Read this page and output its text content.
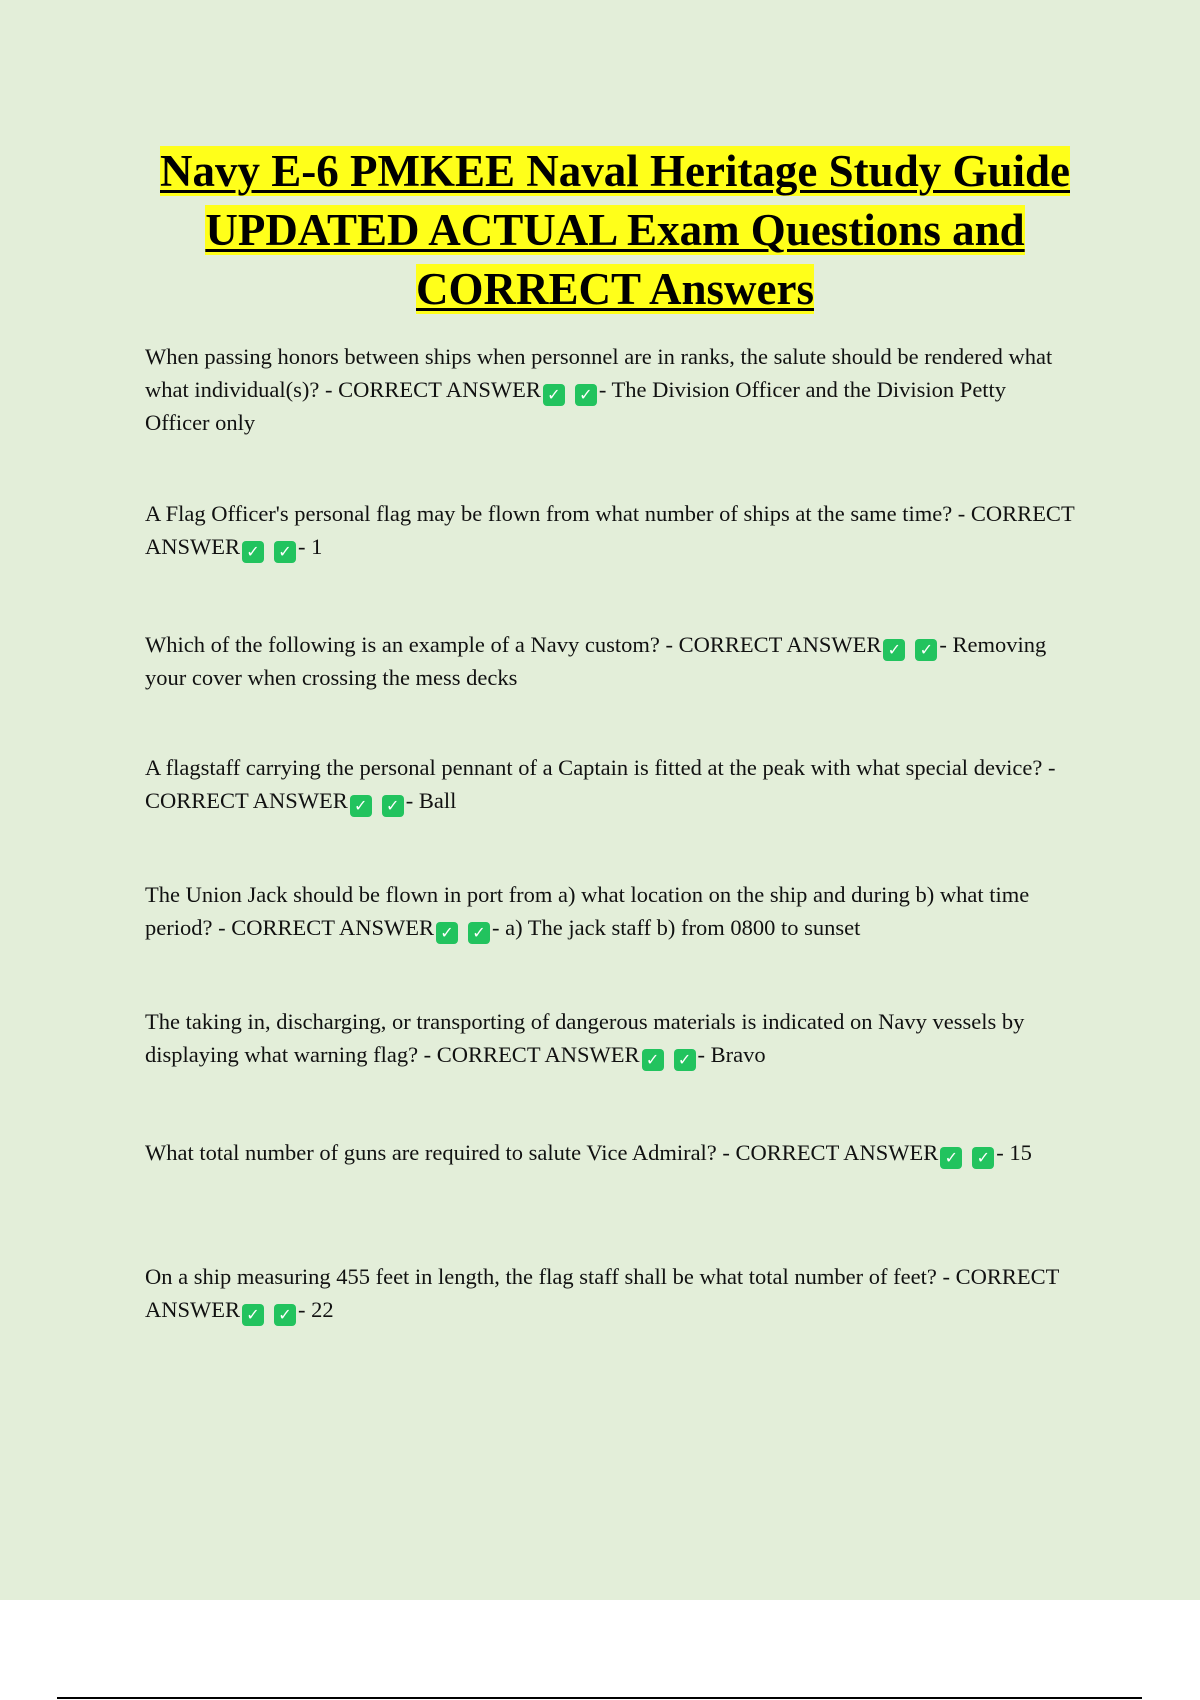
Navy E-6 PMKEE Naval Heritage Study Guide UPDATED ACTUAL Exam Questions and CORRECT Answers

When passing honors between ships when personnel are in ranks, the salute should be rendered what what individual(s)? - CORRECT ANSWER ✓ ✓ - The Division Officer and the Division Petty Officer only

A Flag Officer's personal flag may be flown from what number of ships at the same time? - CORRECT ANSWER ✓ ✓ - 1

Which of the following is an example of a Navy custom? - CORRECT ANSWER ✓ ✓ - Removing your cover when crossing the mess decks

A flagstaff carrying the personal pennant of a Captain is fitted at the peak with what special device? - CORRECT ANSWER ✓ ✓ - Ball

The Union Jack should be flown in port from a) what location on the ship and during b) what time period? - CORRECT ANSWER ✓ ✓ - a) The jack staff b) from 0800 to sunset

The taking in, discharging, or transporting of dangerous materials is indicated on Navy vessels by displaying what warning flag? - CORRECT ANSWER ✓ ✓ - Bravo

What total number of guns are required to salute Vice Admiral? - CORRECT ANSWER ✓ ✓ - 15

On a ship measuring 455 feet in length, the flag staff shall be what total number of feet? - CORRECT ANSWER ✓ ✓ - 22
